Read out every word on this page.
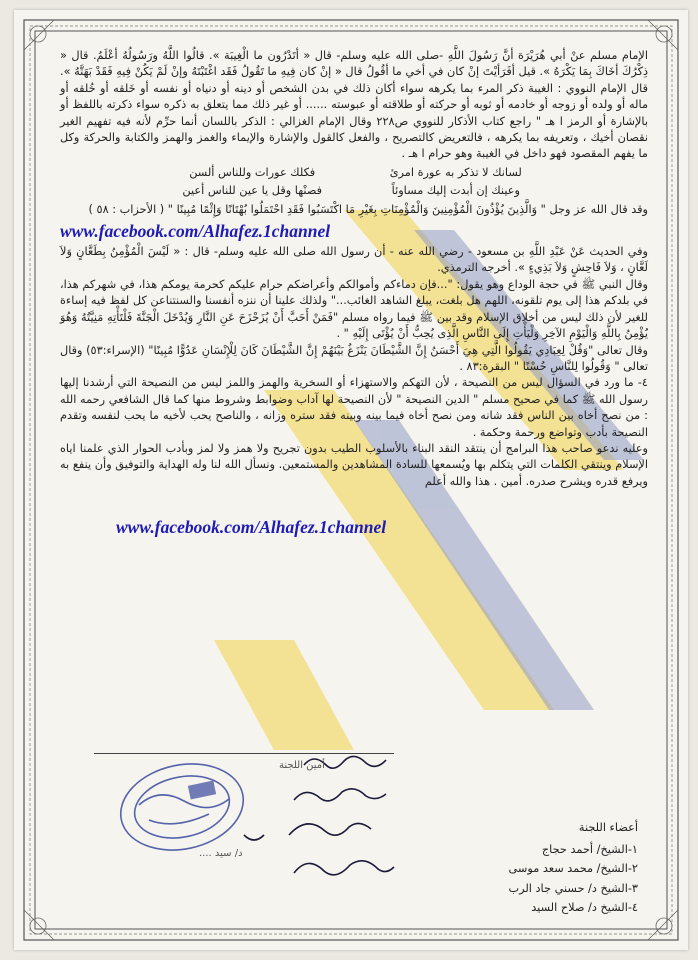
الإمام مسلم عنْ أبي هُرَيْرَة أنَّ رَسُولَ اللَّهِ -صلى الله عليه وسلم- قال « أتَدْرُون ما الْغِيبَة ». قالُوا اللَّهُ ورَسُولُهُ أعْلَمُ. قال « ذِكْرُكَ أخَاكَ بِمَا يَكْرَهُ ». قيل أفَرَأيْتَ إنْ كان في أخي ما أقُولُ قال « إنْ كان فِيهِ ما تَقُولُ فَقَد اغْتَبْتَهُ وإنْ لَمْ يَكُنْ فِيهِ فَقَدْ بَهَتَّهُ ». قال الإمام النووي : الغيبة ذكر المرء بما يكرهه سواء أكان ذلك في بدن الشخص أو دينه أو دنياه أو نفسه أو خَلقه أو خُلقه أو ماله أو ولده أو زوجه أو خادمه أو ثوبه أو حركته أو طلاقته أو عبوسته ...... أو غير ذلك مما يتعلق به ذكره سواء ذكرته باللفظ أو بالإشارة أو الرمز ا هـ " راجع كتاب الأذكار للنووي ص٢٢٨ وقال الإمام الغزالي : الذكر باللسان أنما حرِّم لأنه فيه تفهيم الغير نقصان أخيك ، وتعريفه بما يكرهه ، فالتعريض كالتصريح ، والفعل كالقول والإشارة والإيماء والغمز والهمز والكتابة والحركة وكل ما يفهم المقصود فهو داخل في الغيبة وهو حرام ا هـ .

لسانك لا تذكر به عورة امرئ فكلك عورات وللناس ألسن

وعينك إن أبدت إليك مساوئاً فصنْها وقل يا عين للناس أعين

وقد قال الله عز وجل " وَالَّذِينَ يُؤْذُونَ الْمُؤْمِنِينَ وَالْمُؤْمِنَاتِ بِغَيْرِ مَا اكْتَسَبُوا فَقَدِ احْتَمَلُوا بُهْتَانًا وَإِثْمًا مُبِينًا " ( الأحزاب : ٥٨ )

www.facebook.com/Alhafez.1channel

وفي الحديث عَنْ عَبْدِ اللَّهِ بن مسعود - رضي الله عنه - أن رسول الله صلى الله عليه وسلم- قال : « لَيْسَ الْمُؤْمِنُ بِطَعَّانٍ وَلاَ لَعَّانٍ ، وَلاَ فَاحِشٍ وَلاَ بَذِيءٍ ». أخرجه الترمذي.

وقال النبي ﷺ في حجة الوداع وهو يقول: "...فإن دماءكم وأموالكم وأعراضكم حرام عليكم كحرمة يومكم هذا، في شهركم هذا، في بلدكم هذا إلى يوم تلقونه، اللهم هل بلغت، يبلغ الشاهد الغائب..." ولذلك علينا أن ننزه أنفسنا والسنتناعن كل لفظ فيه إساءة للغير لأن ذلك ليس من أخلاق الإسلام وقد بين ﷺ فيما رواه مسلم "فَمَنْ أَحَبَّ أَنْ يُزَحْزَحَ عَنِ النَّارِ وَيُدْخَلَ الْجَنَّةَ فَلْتَأْتِهِ مَنِيَّتُهُ وَهُوَ يُؤْمِنُ بِاللَّهِ وَالْيَوْمِ الآخِرِ وَلْيَأْتِ إِلَى النَّاسِ الَّذِى يُحِبُّ أَنْ يُؤْتَى إِلَيْهِ " .

وقال تعالى "وَقُلْ لِعِبَادِي يَقُولُوا الَّتِي هِيَ أَحْسَنُ إِنَّ الشَّيْطَانَ يَنْزَغُ بَيْنَهُمْ إِنَّ الشَّيْطَانَ كَانَ لِلْإِنْسَانِ عَدُوًّا مُبِينًا" (الإسراء:٥٣) وقال تعالى " وَقُولُوا لِلنَّاسِ حُسْنًا " البقرة:٨٣ .

٤- ما ورد في السؤال ليس من النصيحة ، لأن التهكم والاستهزاء أو السخرية والهمز واللمز ليس من النصيحة التي أرشدنا إليها رسول الله ﷺ كما في صحيح مسلم " الدين النصيحة " لأن النصيحة لها آداب وضوابط وشروط منها كما قال الشافعي رحمه الله : من نصح أخاه بين الناس فقد شانه ومن نصح أخاه فيما بينه وبينه فقد ستره وزانه ، والناصح يحب لأخيه ما يحب لنفسه وتقدم النصيحة بأدب وتواضع ورحمة وحكمة .

وعليه ندعو صاحب هذا البرامج أن ينتقد النقد البناء بالأسلوب الطيب بدون تجريح ولا همز ولا لمز وبأدب الحوار الذي علمنا اياه الإسلام وينتقي الكلمات التي يتكلم بها ويُسمعها للسادة المشاهدين والمستمعين. ونسأل الله لنا وله الهداية والتوفيق وأن ينفع به ويرفع قدره ويشرح صدره. أمين . هذا والله أعلم

www.facebook.com/Alhafez.1channel

أمين اللجنة
د/ سيد ....
أعضاء اللجنة
١-الشيخ/ أحمد حجاج
٢-الشيخ/ محمد سعد موسى
٣-الشيخ د/ حسني جاد الرب
٤-الشيخ د/ صلاح السيد
